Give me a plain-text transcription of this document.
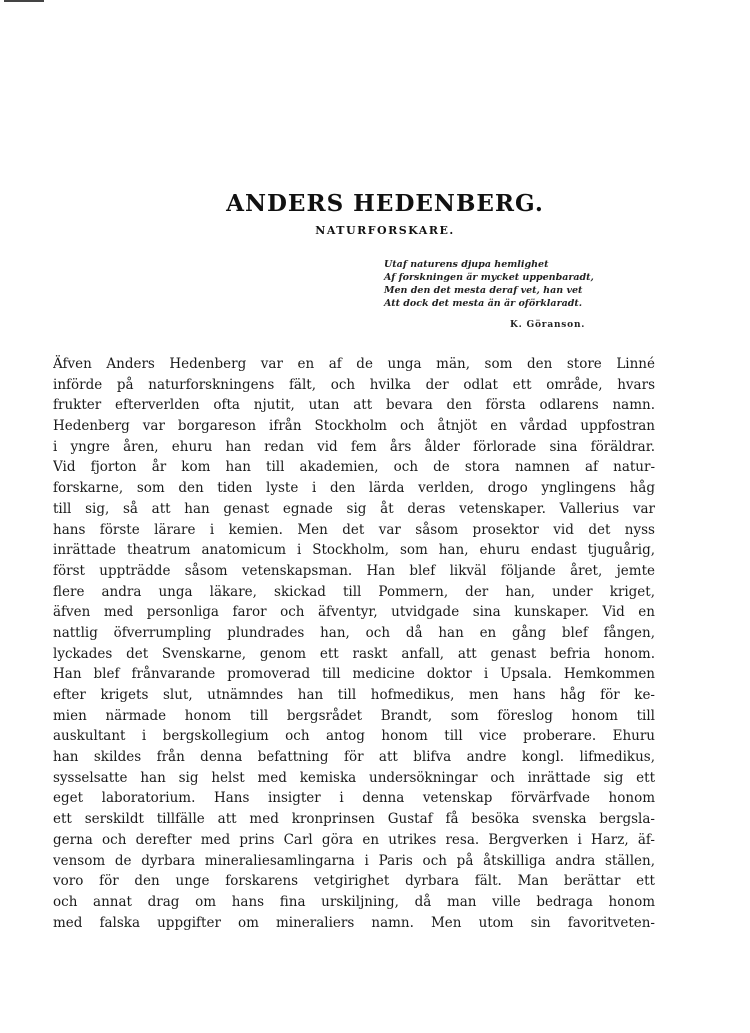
ANDERS HEDENBERG.
NATURFORSKARE.
Utaf naturens djupa hemlighet
Af forskningen är mycket uppenbaradt,
Men den det mesta deraf vet, han vet
Att dock det mesta än är oförklaradt.
K. Göranson.
Äfven Anders Hedenberg var en af de unga män, som den store Linné
införde på naturforskningens fält, och hvilka der odlat ett område, hvars
frukter efterverlden ofta njutit, utan att bevara den första odlarens namn.
Hedenberg var borgareson ifrån Stockholm och åtnjöt en vårdad uppfostran
i yngre åren, ehuru han redan vid fem års ålder förlorade sina föräldrar.
Vid fjorton år kom han till akademien, och de stora namnen af natur-
forskarne, som den tiden lyste i den lärda verlden, drogo ynglingens håg
till sig, så att han genast egnade sig åt deras vetenskaper. Vallerius var
hans förste lärare i kemien. Men det var såsom prosektor vid det nyss
inrättade theatrum anatomicum i Stockholm, som han, ehuru endast tjuguårig,
först uppträdde såsom vetenskapsman. Han blef likväl följande året, jemte
flere andra unga läkare, skickad till Pommern, der han, under kriget,
äfven med personliga faror och äfventyr, utvidgade sina kunskaper. Vid en
nattlig öfverrumpling plundrades han, och då han en gång blef fången,
lyckades det Svenskarne, genom ett raskt anfall, att genast befria honom.
Han blef frånvarande promoverad till medicine doktor i Upsala. Hemkommen
efter krigets slut, utnämndes han till hofmedikus, men hans håg för ke-
mien närmade honom till bergsrådet Brandt, som föreslog honom till
auskultant i bergskollegium och antog honom till vice proberare. Ehuru
han skildes från denna befattning för att blifva andre kongl. lifmedikus,
sysselsatte han sig helst med kemiska undersökningar och inrättade sig ett
eget laboratorium. Hans insigter i denna vetenskap förvärfvade honom
ett serskildt tillfälle att med kronprinsen Gustaf få besöka svenska bergsla-
gerna och derefter med prins Carl göra en utrikes resa. Bergverken i Harz, äf-
vensom de dyrbara mineraliesamlingarna i Paris och på åtskilliga andra ställen,
voro för den unge forskarens vetgirighet dyrbara fält. Man berättar ett
och annat drag om hans fina urskiljning, då man ville bedraga honom
med falska uppgifter om mineraliers namn. Men utom sin favoritveten-
